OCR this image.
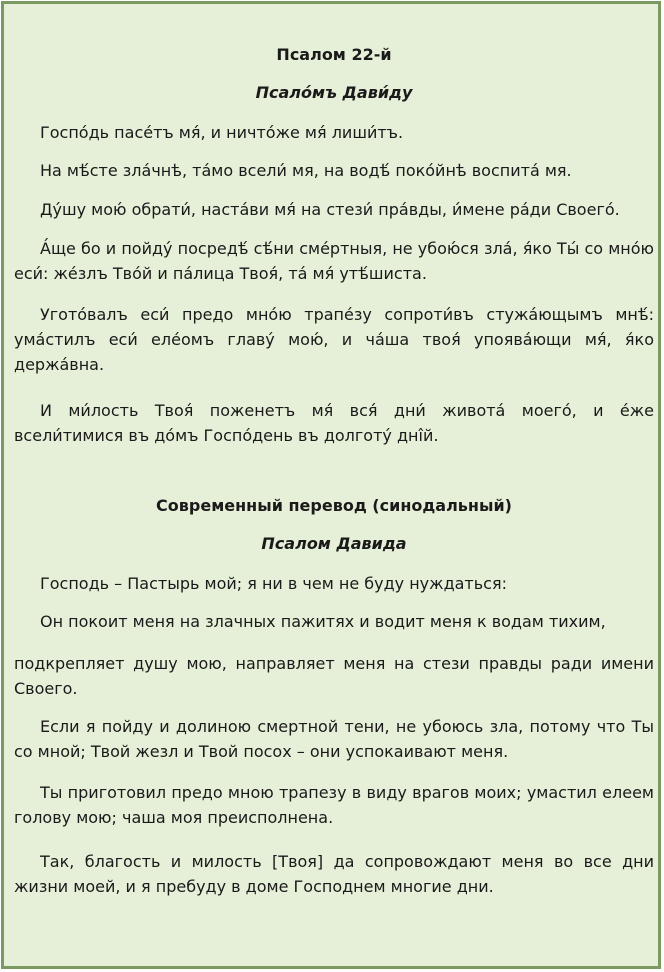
Псалом 22-й

Псало́мъ Дави́ду

Госпо́дь пасе́тъ мя́, и ничто́же мя́ лиши́тъ.

На мѣ́сте зла́чнѣ, та́мо всели́ мя, на водѣ́ поко́йнѣ воспита́ мя.

Ду́шу мою́ обрати́, наста́ви мя́ на стези́ пра́вды, и́мене ра́ди Своего́.

А́ще бо и пойду́ посредѣ́ сѣ́ни сме́ртныя, не убою́ся зла́, я́ко Ты́ со мно́ю еси́: же́злъ Тво́й и па́лица Твоя́, та́ мя́ утѣ́шиста.

Угото́валъ еси́ предо мно́ю трапе́зу сопроти́въ стужа́ющымъ мнѣ́: ума́стилъ еси́ еле́омъ главу́ мою́, и ча́ша твоя́ упоява́ющи мя́, я́ко держа́вна.

И ми́лость Твоя́ поженетъ мя́ вся́ дни́ живота́ моего́, и е́же всели́тимися въ до́мъ Госпо́день въ долготу́ днı̂й.

Современный перевод (синодальный)

Псалом Давида

Господь – Пастырь мой; я ни в чем не буду нуждаться:

Он покоит меня на злачных пажитях и водит меня к водам тихим,

подкрепляет душу мою, направляет меня на стези правды ради имени Своего.

Если я пойду и долиною смертной тени, не убоюсь зла, потому что Ты со мной; Твой жезл и Твой посох – они успокаивают меня.

Ты приготовил предо мною трапезу в виду врагов моих; умастил елеем голову мою; чаша моя преисполнена.

Так, благость и милость [Твоя] да сопровождают меня во все дни жизни моей, и я пребуду в доме Господнем многие дни.
